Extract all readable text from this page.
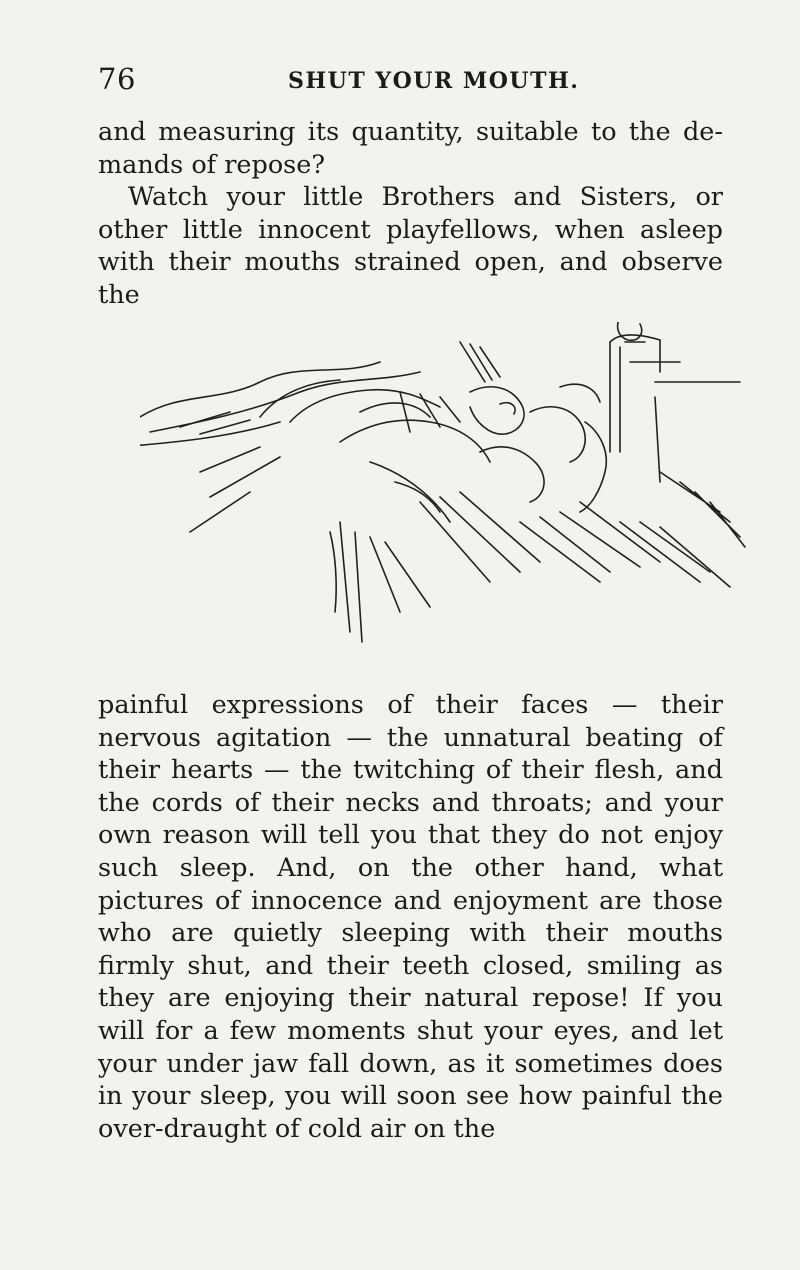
76	SHUT YOUR MOUTH.

and measuring its quantity, suitable to the de-mands of repose?

Watch your little Brothers and Sisters, or other little innocent playfellows, when asleep with their mouths strained open, and observe the

painful expressions of their faces — their nervous agitation — the unnatural beating of their hearts — the twitching of their flesh, and the cords of their necks and throats; and your own reason will tell you that they do not enjoy such sleep. And, on the other hand, what pictures of innocence and enjoyment are those who are quietly sleeping with their mouths firmly shut, and their teeth closed, smiling as they are enjoying their natural repose! If you will for a few moments shut your eyes, and let your under jaw fall down, as it sometimes does in your sleep, you will soon see how painful the over-draught of cold air on the
